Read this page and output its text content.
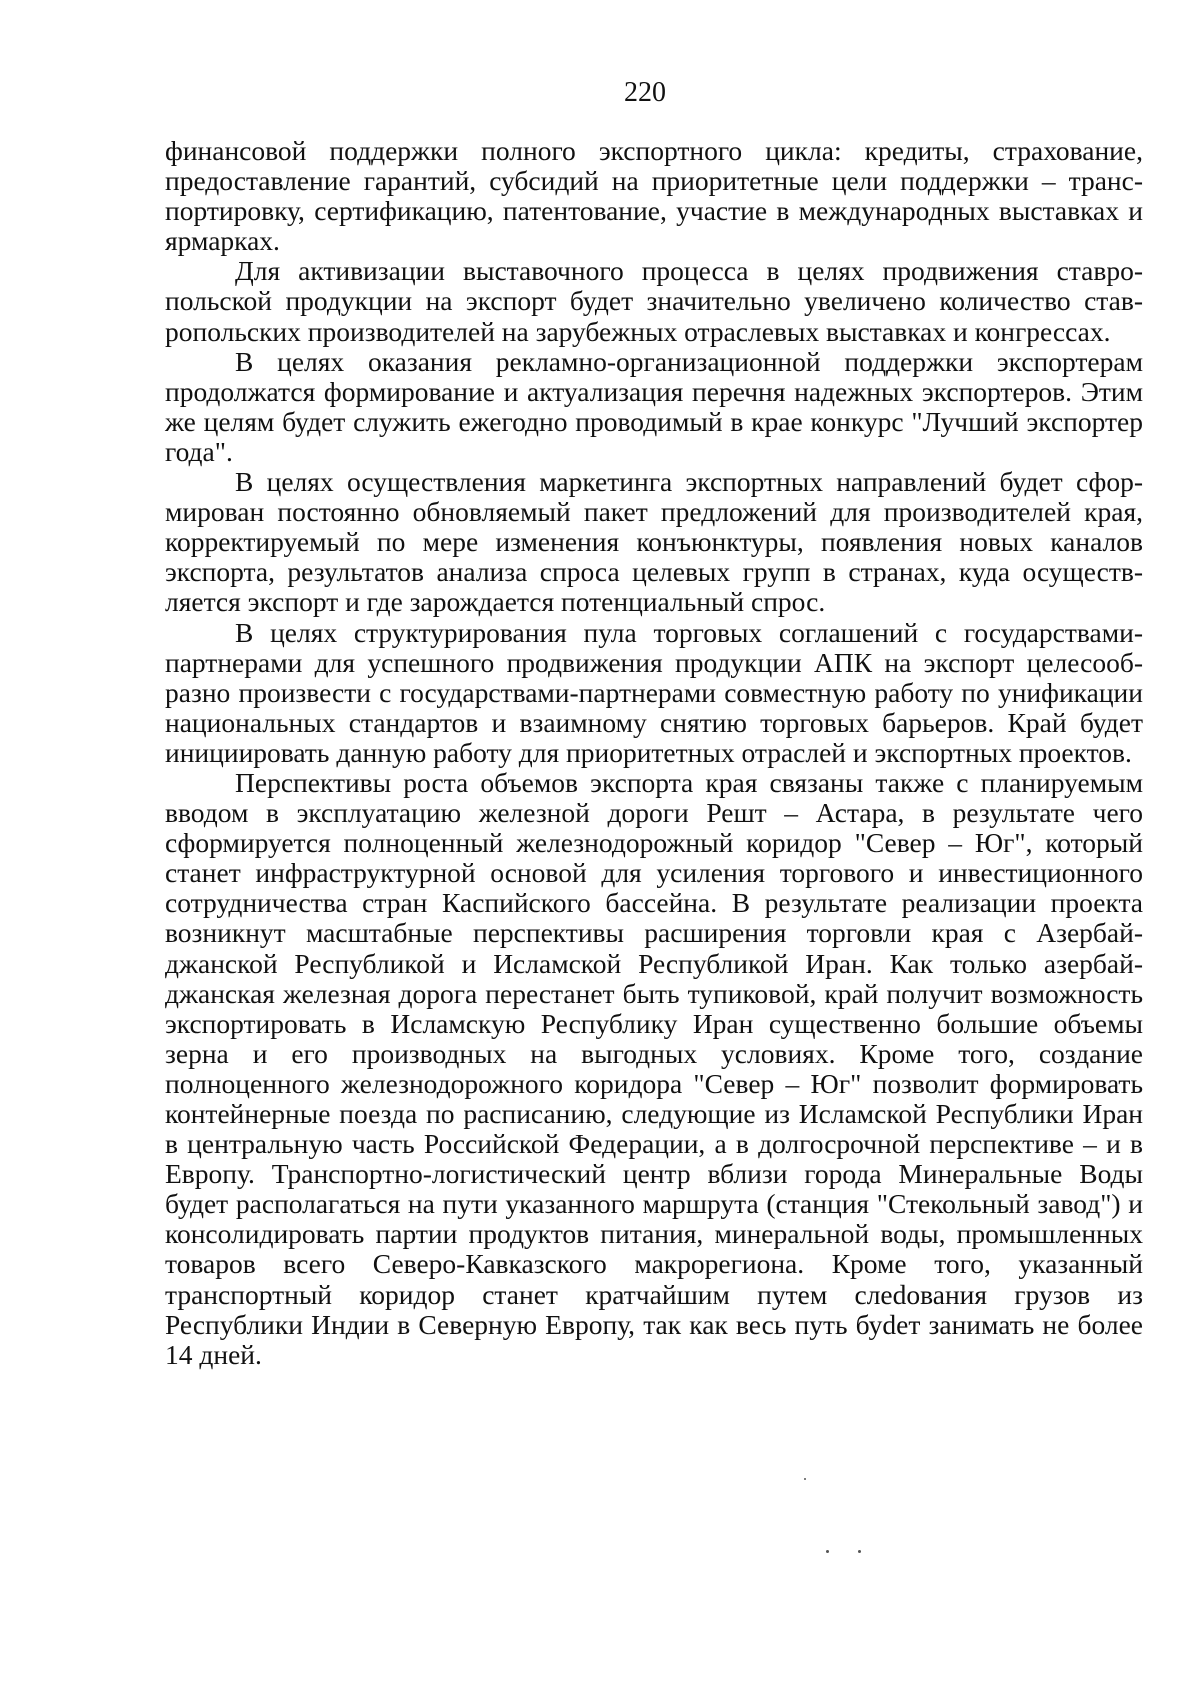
220

финансовой поддержки полного экспортного цикла: кредиты, страхование, предоставление гарантий, субсидий на приоритетные цели поддержки – транспортировку, сертификацию, патентование, участие в международных выставках и ярмарках.

Для активизации выставочного процесса в целях продвижения ставропольской продукции на экспорт будет значительно увеличено количество ставропольских производителей на зарубежных отраслевых выставках и конгрессах.

В целях оказания рекламно-организационной поддержки экспортерам продолжатся формирование и актуализация перечня надежных экспортеров. Этим же целям будет служить ежегодно проводимый в крае конкурс "Лучший экспортер года".

В целях осуществления маркетинга экспортных направлений будет сформирован постоянно обновляемый пакет предложений для производителей края, корректируемый по мере изменения конъюнктуры, появления новых каналов экспорта, результатов анализа спроса целевых групп в странах, куда осуществляется экспорт и где зарождается потенциальный спрос.

В целях структурирования пула торговых соглашений с государствами-партнерами для успешного продвижения продукции АПК на экспорт целесообразно произвести с государствами-партнерами совместную работу по унификации национальных стандартов и взаимному снятию торговых барьеров. Край будет инициировать данную работу для приоритетных отраслей и экспортных проектов.

Перспективы роста объемов экспорта края связаны также с планируемым вводом в эксплуатацию железной дороги Решт – Астара, в результате чего сформируется полноценный железнодорожный коридор "Север – Юг", который станет инфраструктурной основой для усиления торгового и инвестиционного сотрудничества стран Каспийского бассейна. В результате реализации проекта возникнут масштабные перспективы расширения торговли края с Азербайджанской Республикой и Исламской Республикой Иран. Как только азербайджанская железная дорога перестанет быть тупиковой, край получит возможность экспортировать в Исламскую Республику Иран существенно большие объемы зерна и его производных на выгодных условиях. Кроме того, создание полноценного железнодорожного коридора "Север – Юг" позволит формировать контейнерные поезда по расписанию, следующие из Исламской Республики Иран в центральную часть Российской Федерации, а в долгосрочной перспективе – и в Европу. Транспортно-логистический центр вблизи города Минеральные Воды будет располагаться на пути указанного маршрута (станция "Стекольный завод") и консолидировать партии продуктов питания, минеральной воды, промышленных товаров всего Северо-Кавказского макрорегиона. Кроме того, указанный транспортный коридор станет кратчайшим путем слеdования грузов из Республики Индии в Северную Европу, так как весь путь буdет занимать не более 14 дней.
